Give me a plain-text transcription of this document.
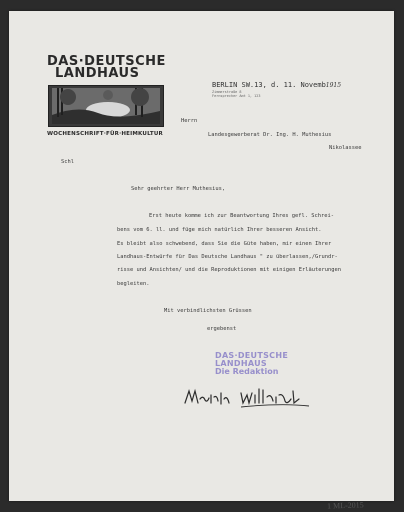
DAS·DEUTSCHE
LANDHAUS
WOCHENSCHRIFT·FÜR·HEIMKULTUR
BERLIN SW.13, d. 11. Novemb1915
Zimmerstraße 8
Fernsprecher Amt 1, 123
Herrn
Landesgewerberat Dr. Ing. H. Muthesius
Nikolassee
Schl
Sehr geehrter Herr Muthesius,
Erst heute komme ich zur Beantwortung Ihres gefl. Schrei-
bens vom 6. ll. und füge mich natürlich Ihrer besseren Ansicht.
Es bleibt also schwebend, dass Sie die Güte haben, mir einen Ihrer
Landhaus-Entwürfe für Das Deutsche Landhaus " zu überlassen,/Grundr-
risse und Ansichten/ und die Reproduktionen mit einigen Erläuterungen
begleiten.
Mit verbindlichsten Grüssen
ergebenst
DAS·DEUTSCHE
LANDHAUS
Die Redaktion
1 ML-2015
